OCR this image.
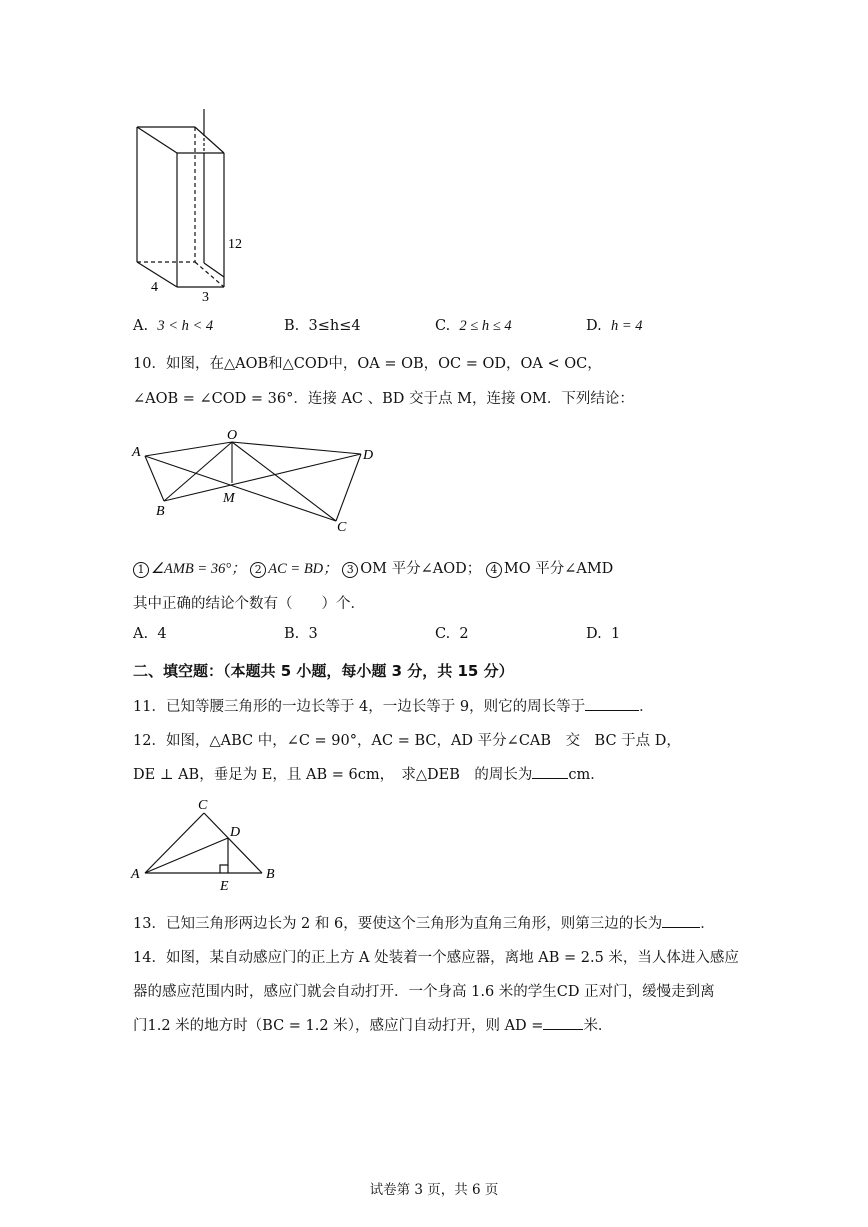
12
4
3
A. 3 < h < 4	B. 3≤h≤4	C. 2 ≤ h ≤ 4	D. h = 4
10．如图，在△AOB和△COD中，OA = OB，OC = OD，OA < OC，
∠AOB = ∠COD = 36°．连接 AC 、BD 交于点 M，连接 OM．下列结论：
A
O
D
B
M
C
1 ∠AMB = 36°； 2 AC = BD； 3 OM 平分∠AOD； 4 MO 平分∠AMD
其中正确的结论个数有（　　）个．
A. 4	B. 3	C. 2	D. 1
二、填空题：（本题共 5 小题，每小题 3 分，共 15 分）
11．已知等腰三角形的一边长等于 4，一边长等于 9，则它的周长等于	．
12．如图，△ABC 中，∠C = 90°，AC = BC，AD 平分∠CAB　交　BC 于点 D，
DE ⊥ AB，垂足为 E，且 AB = 6cm，　求△DEB　的周长为 cm．
C
D
A
E
B
13．已知三角形两边长为 2 和 6，要使这个三角形为直角三角形，则第三边的长为	．
14．如图，某自动感应门的正上方 A 处装着一个感应器，离地 AB = 2.5 米，当人体进入感应
器的感应范围内时，感应门就会自动打开．一个身高 1.6 米的学生CD 正对门，缓慢走到离
门1.2 米的地方时（BC = 1.2 米），感应门自动打开，则 AD =	米．
试卷第 3 页，共 6 页
